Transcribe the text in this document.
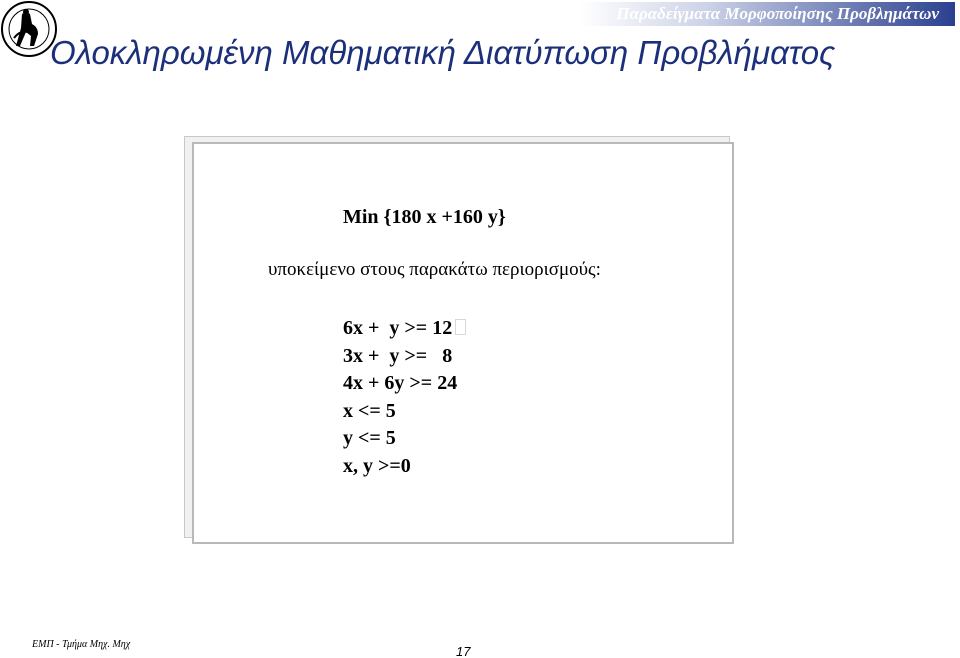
Παραδείγματα Μορφοποίησης Προβλημάτων
Ολοκληρωμένη Μαθηματική Διατύπωση Προβλήματος
Min {180 x +160 y}
υποκείμενο στους παρακάτω περιορισμούς:
6x +  y >= 12
3x +  y >=   8
4x + 6y >= 24
x <= 5
y <= 5
x, y >=0
ΕΜΠ - Τμήμα Μηχ. Μηχ	17
